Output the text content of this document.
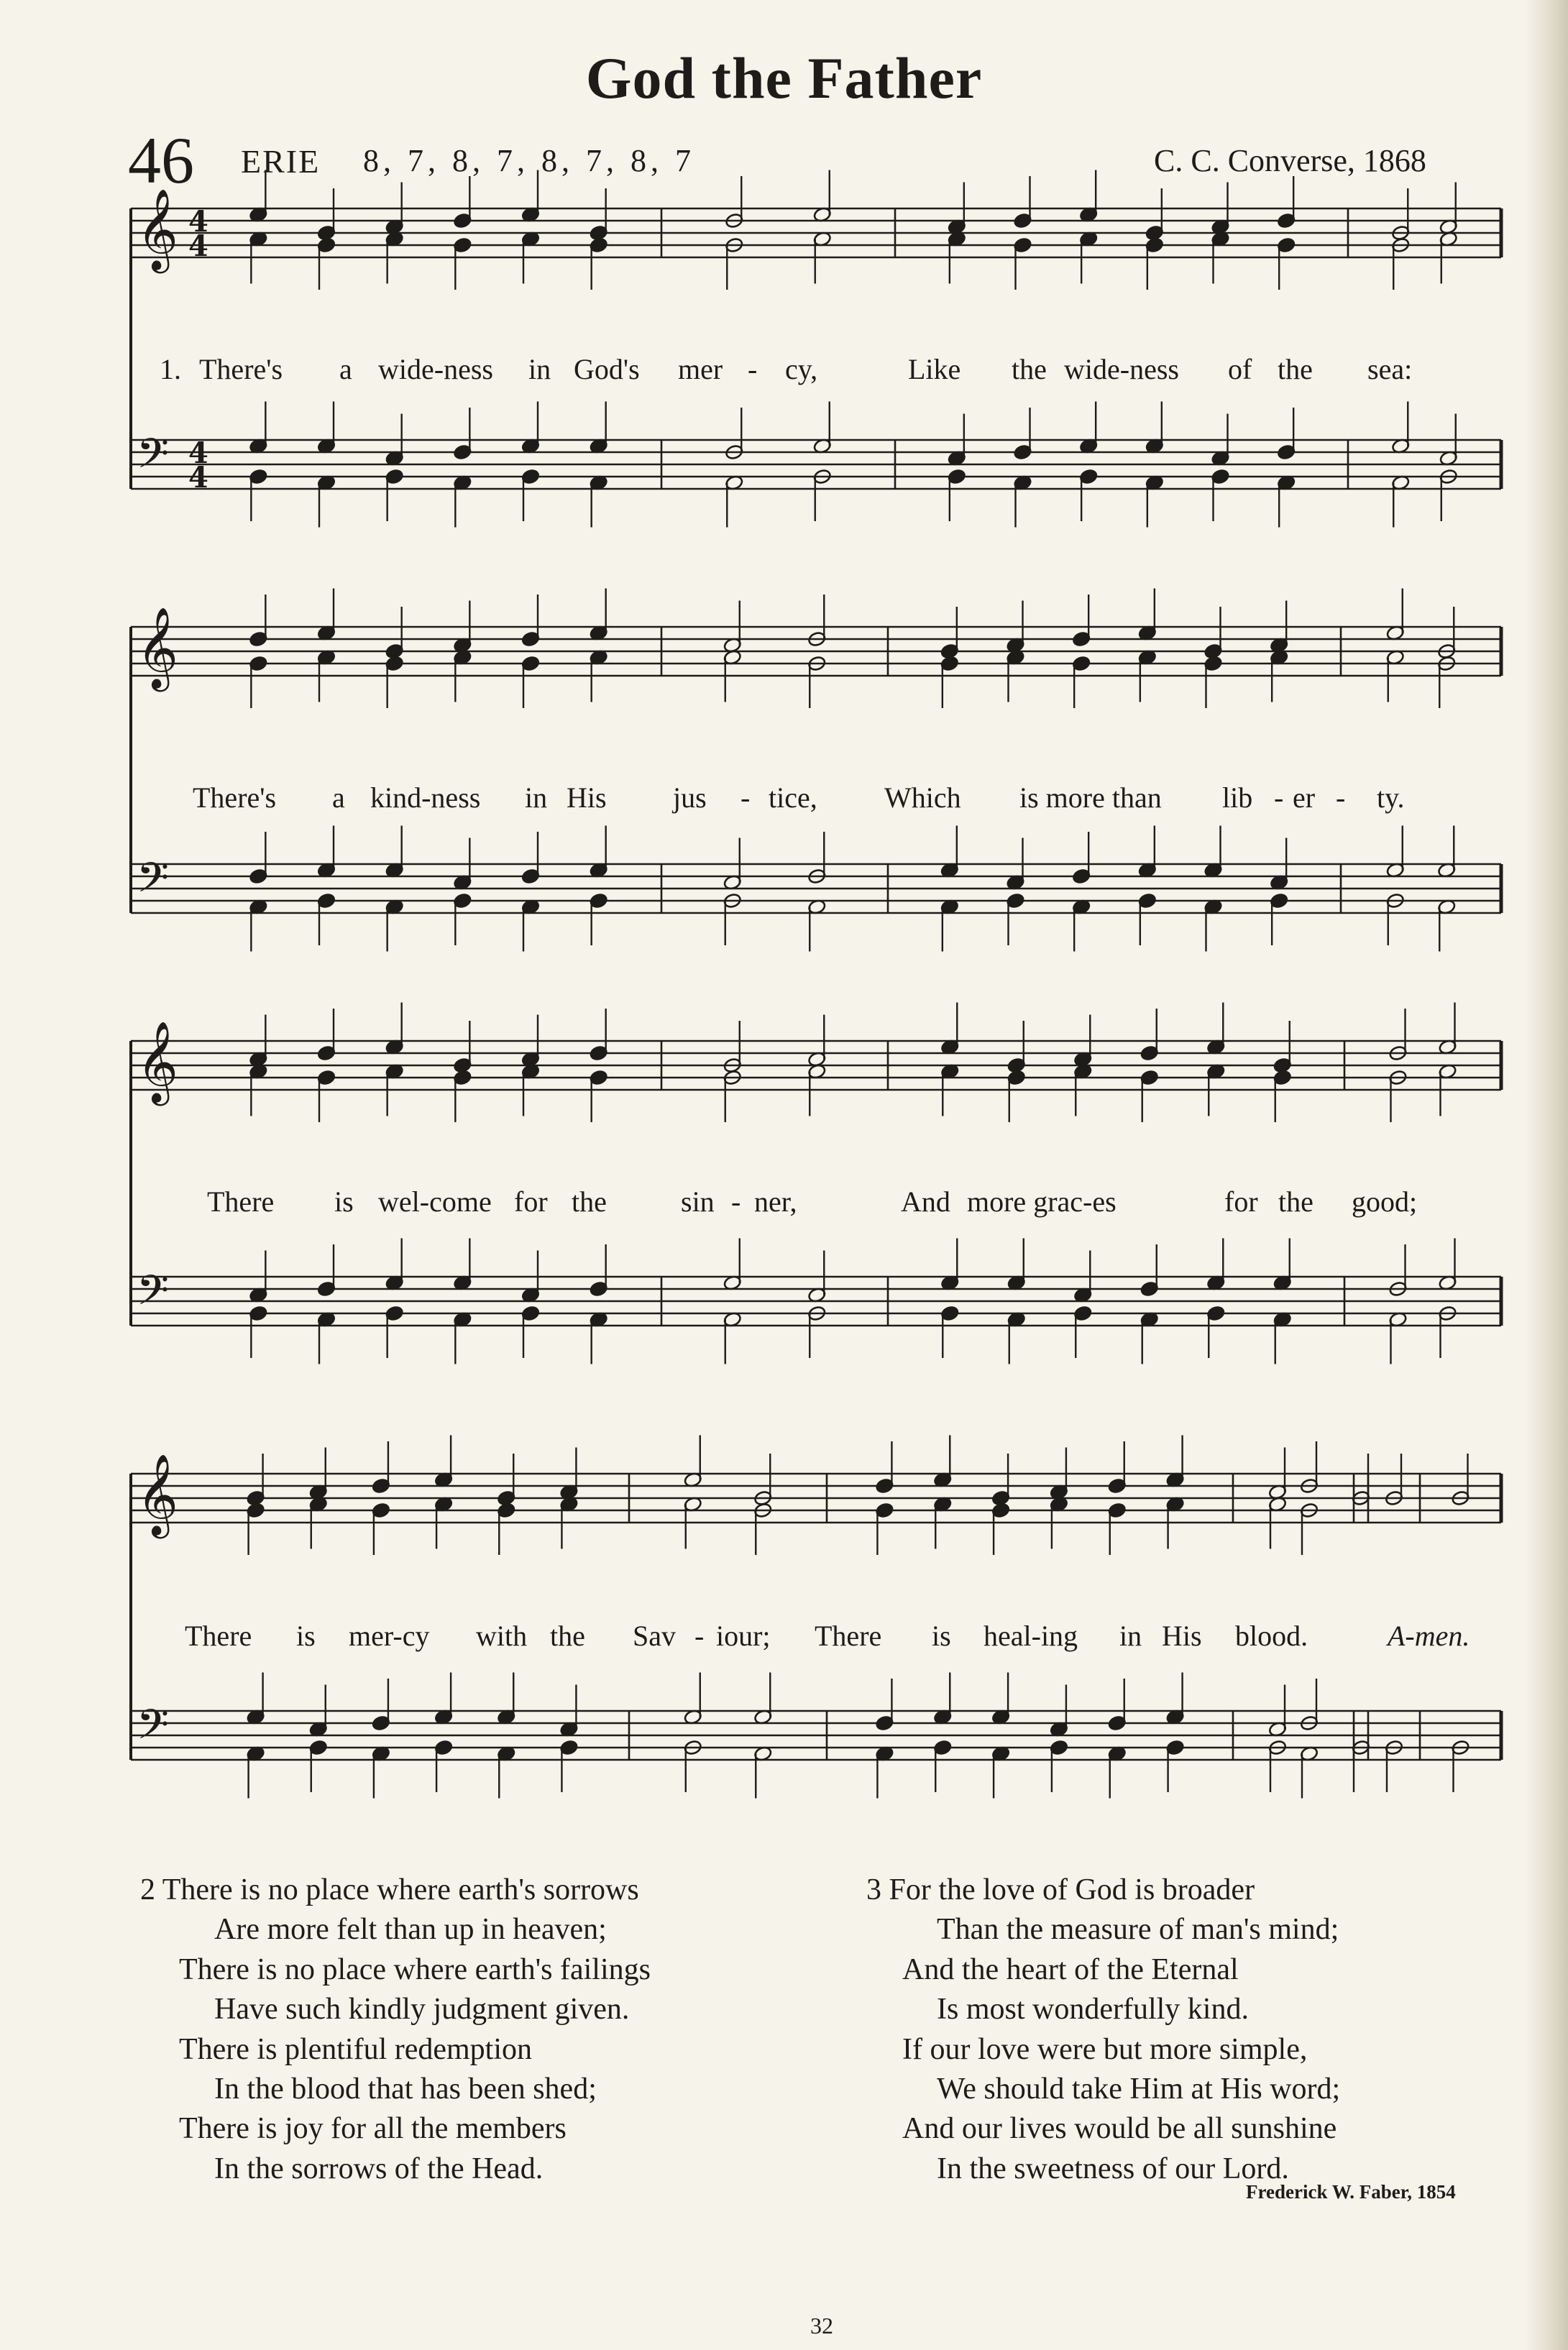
God the Father
46 ERIE 8, 7, 8, 7, 8, 7, 8, 7	C. C. Converse, 1868
𝄞
𝄢
𝄞
𝄢
𝄞
𝄢
𝄞
𝄢
4
4
4
4
1. There's a wide-ness in God's mer - cy,	Like the wide-ness of the sea:
There's a kind-ness in His jus - tice, Which is more than lib - er - ty.
There is wel-come for the	sin - ner,	And more grac-es	for the good;
There is mer-cy with the Sav - iour; There is heal-ing in His blood.	A-men.
2 There is no place where earth's sorrows
Are more felt than up in heaven;
There is no place where earth's failings
Have such kindly judgment given.
There is plentiful redemption
In the blood that has been shed;
There is joy for all the members
In the sorrows of the Head.
3 For the love of God is broader
Than the measure of man's mind;
And the heart of the Eternal
Is most wonderfully kind.
If our love were but more simple,
We should take Him at His word;
And our lives would be all sunshine
In the sweetness of our Lord.
Frederick W. Faber, 1854
32
